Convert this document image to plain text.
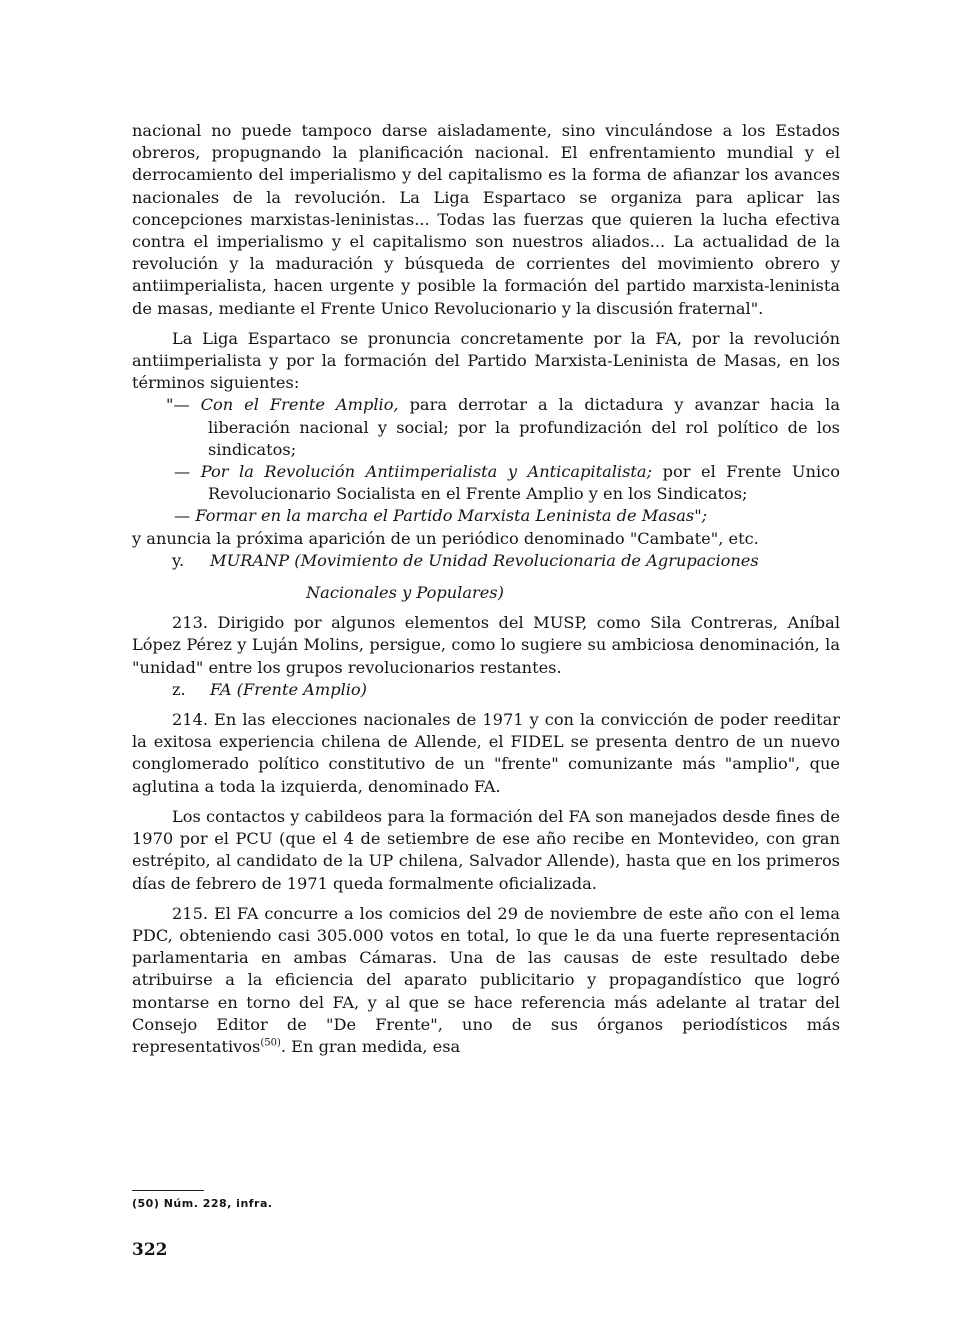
nacional no puede tampoco darse aisladamente, sino vinculándose a los Estados obreros, propugnando la planificación nacional. El enfrentamiento mundial y el derrocamiento del imperialismo y del capitalismo es la forma de afianzar los avances nacionales de la revolución. La Liga Espartaco se organiza para aplicar las concepciones marxistas-leninistas... Todas las fuerzas que quieren la lucha efectiva contra el imperialismo y el capitalismo son nuestros aliados... La actualidad de la revolución y la maduración y búsqueda de corrientes del movimiento obrero y antiimperialista, hacen urgente y posible la formación del partido marxista-leninista de masas, mediante el Frente Unico Revolucionario y la discusión fraternal".

La Liga Espartaco se pronuncia concretamente por la FA, por la revolución antiimperialista y por la formación del Partido Marxista-Leninista de Masas, en los términos siguientes:

"— Con el Frente Amplio, para derrotar a la dictadura y avanzar hacia la liberación nacional y social; por la profundización del rol político de los sindicatos;

— Por la Revolución Antiimperialista y Anticapitalista; por el Frente Unico Revolucionario Socialista en el Frente Amplio y en los Sindicatos;

— Formar en la marcha el Partido Marxista Leninista de Masas";

y anuncia la próxima aparición de un periódico denominado "Cambate", etc.

y. MURANP (Movimiento de Unidad Revolucionaria de Agrupaciones

Nacionales y Populares)

213. Dirigido por algunos elementos del MUSP, como Sila Contreras, Aníbal López Pérez y Luján Molins, persigue, como lo sugiere su ambiciosa denominación, la "unidad" entre los grupos revolucionarios restantes.

z. FA (Frente Amplio)

214. En las elecciones nacionales de 1971 y con la convicción de poder reeditar la exitosa experiencia chilena de Allende, el FIDEL se presenta dentro de un nuevo conglomerado político constitutivo de un "frente" comunizante más "amplio", que aglutina a toda la izquierda, denominado FA.

Los contactos y cabildeos para la formación del FA son manejados desde fines de 1970 por el PCU (que el 4 de setiembre de ese año recibe en Montevideo, con gran estrépito, al candidato de la UP chilena, Salvador Allende), hasta que en los primeros días de febrero de 1971 queda formalmente oficializada.

215. El FA concurre a los comicios del 29 de noviembre de este año con el lema PDC, obteniendo casi 305.000 votos en total, lo que le da una fuerte representación parlamentaria en ambas Cámaras. Una de las causas de este resultado debe atribuirse a la eficiencia del aparato publicitario y propagandístico que logró montarse en torno del FA, y al que se hace referencia más adelante al tratar del Consejo Editor de "De Frente", uno de sus órganos periodísticos más representativos$^{(50)}$. En gran medida, esa

(50) Núm. 228, infra.
322
